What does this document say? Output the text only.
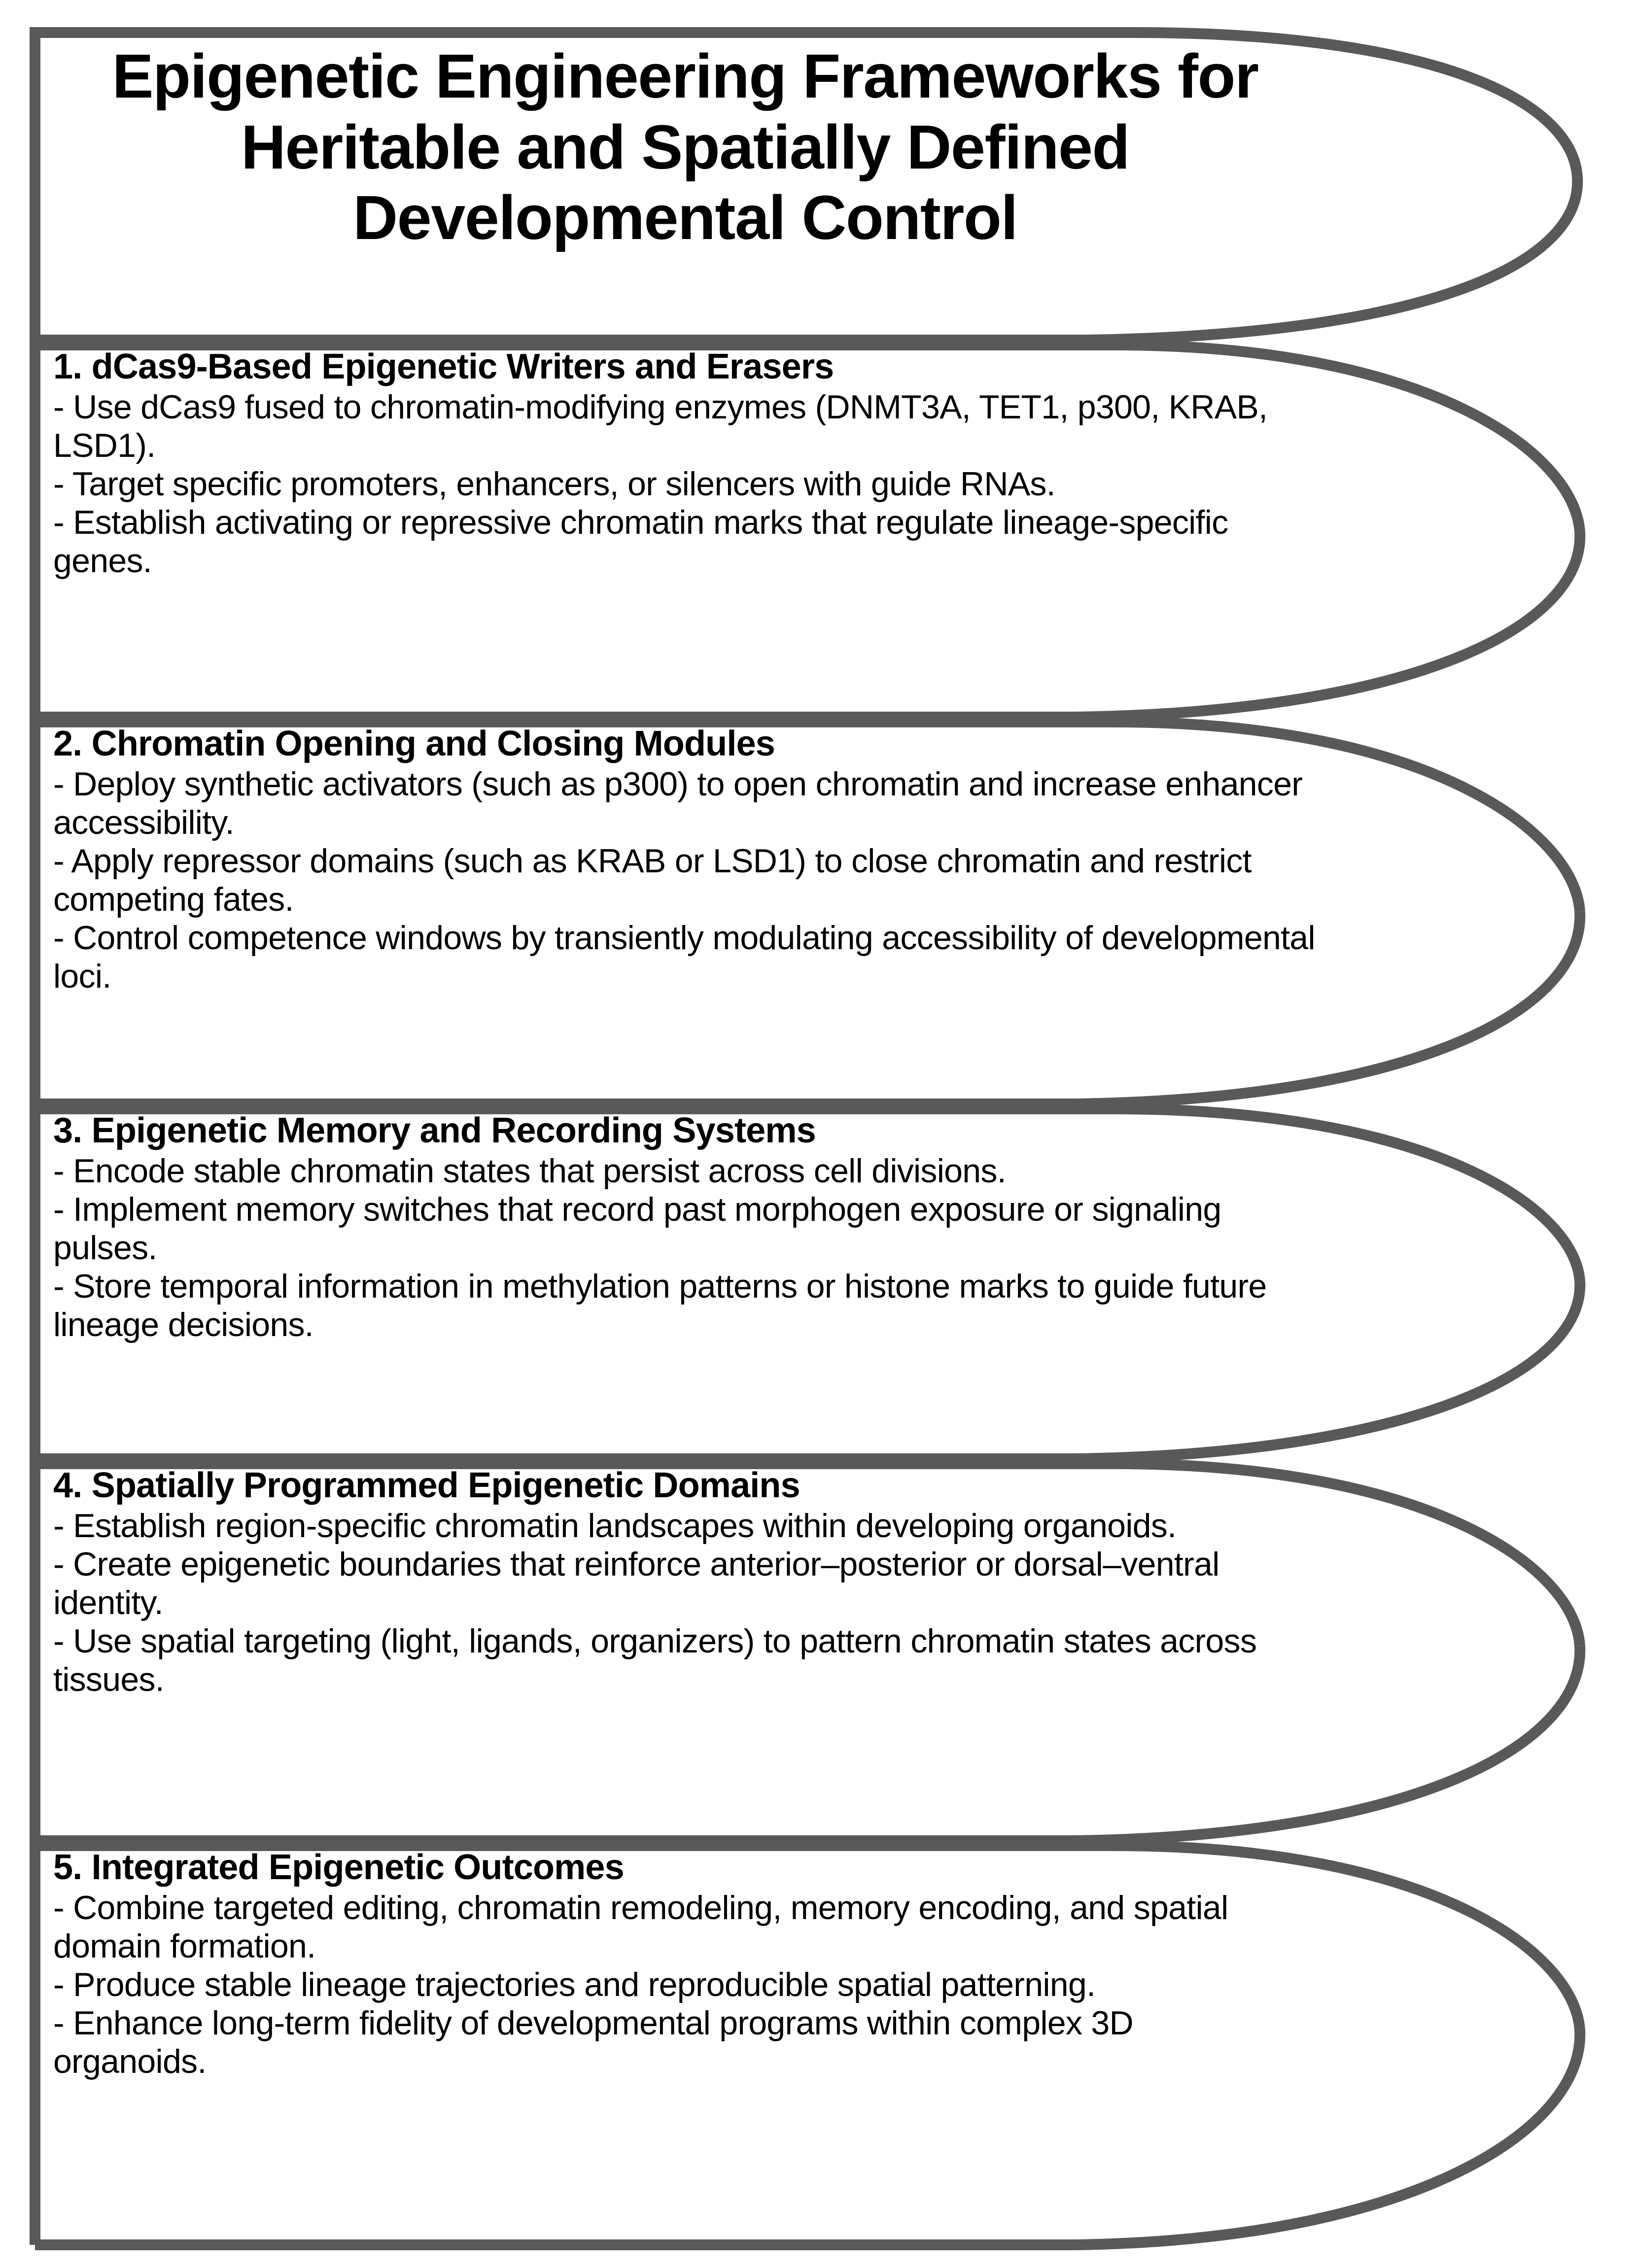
Epigenetic Engineering Frameworks for Heritable and Spatially Defined Developmental Control
1. dCas9-Based Epigenetic Writers and Erasers

- Use dCas9 fused to chromatin-modifying enzymes (DNMT3A, TET1, p300, KRAB, LSD1).

- Target specific promoters, enhancers, or silencers with guide RNAs.

- Establish activating or repressive chromatin marks that regulate lineage-specific genes.

2. Chromatin Opening and Closing Modules

- Deploy synthetic activators (such as p300) to open chromatin and increase enhancer accessibility.

- Apply repressor domains (such as KRAB or LSD1) to close chromatin and restrict competing fates.

- Control competence windows by transiently modulating accessibility of developmental loci.

3. Epigenetic Memory and Recording Systems

- Encode stable chromatin states that persist across cell divisions.

- Implement memory switches that record past morphogen exposure or signaling pulses.

- Store temporal information in methylation patterns or histone marks to guide future lineage decisions.

4. Spatially Programmed Epigenetic Domains

- Establish region-specific chromatin landscapes within developing organoids.

- Create epigenetic boundaries that reinforce anterior–posterior or dorsal–ventral identity.

- Use spatial targeting (light, ligands, organizers) to pattern chromatin states across tissues.

5. Integrated Epigenetic Outcomes

- Combine targeted editing, chromatin remodeling, memory encoding, and spatial domain formation.

- Produce stable lineage trajectories and reproducible spatial patterning.

- Enhance long-term fidelity of developmental programs within complex 3D organoids.
